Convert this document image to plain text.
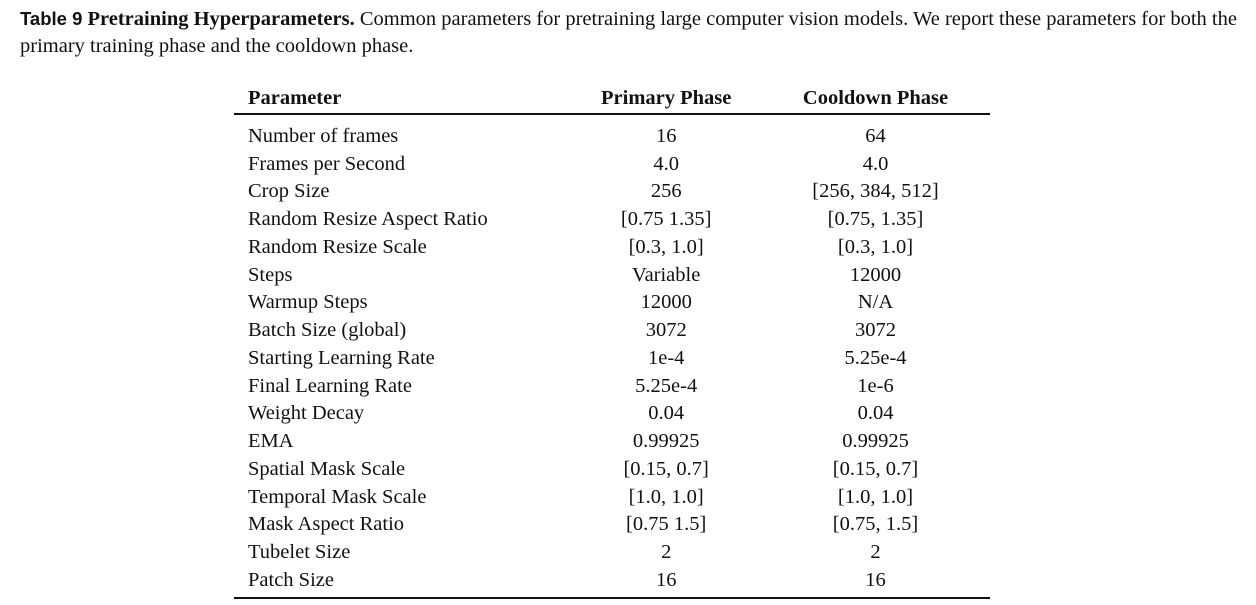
Table 9 Pretraining Hyperparameters. Common parameters for pretraining large computer vision models. We report these parameters for both the primary training phase and the cooldown phase.
Parameter	Primary Phase	Cooldown Phase
Number of frames	16	64
Frames per Second	4.0	4.0
Crop Size	256	[256, 384, 512]
Random Resize Aspect Ratio	[0.75 1.35]	[0.75, 1.35]
Random Resize Scale	[0.3, 1.0]	[0.3, 1.0]
Steps	Variable	12000
Warmup Steps	12000	N/A
Batch Size (global)	3072	3072
Starting Learning Rate	1e-4	5.25e-4
Final Learning Rate	5.25e-4	1e-6
Weight Decay	0.04	0.04
EMA	0.99925	0.99925
Spatial Mask Scale	[0.15, 0.7]	[0.15, 0.7]
Temporal Mask Scale	[1.0, 1.0]	[1.0, 1.0]
Mask Aspect Ratio	[0.75 1.5]	[0.75, 1.5]
Tubelet Size	2	2
Patch Size	16	16
